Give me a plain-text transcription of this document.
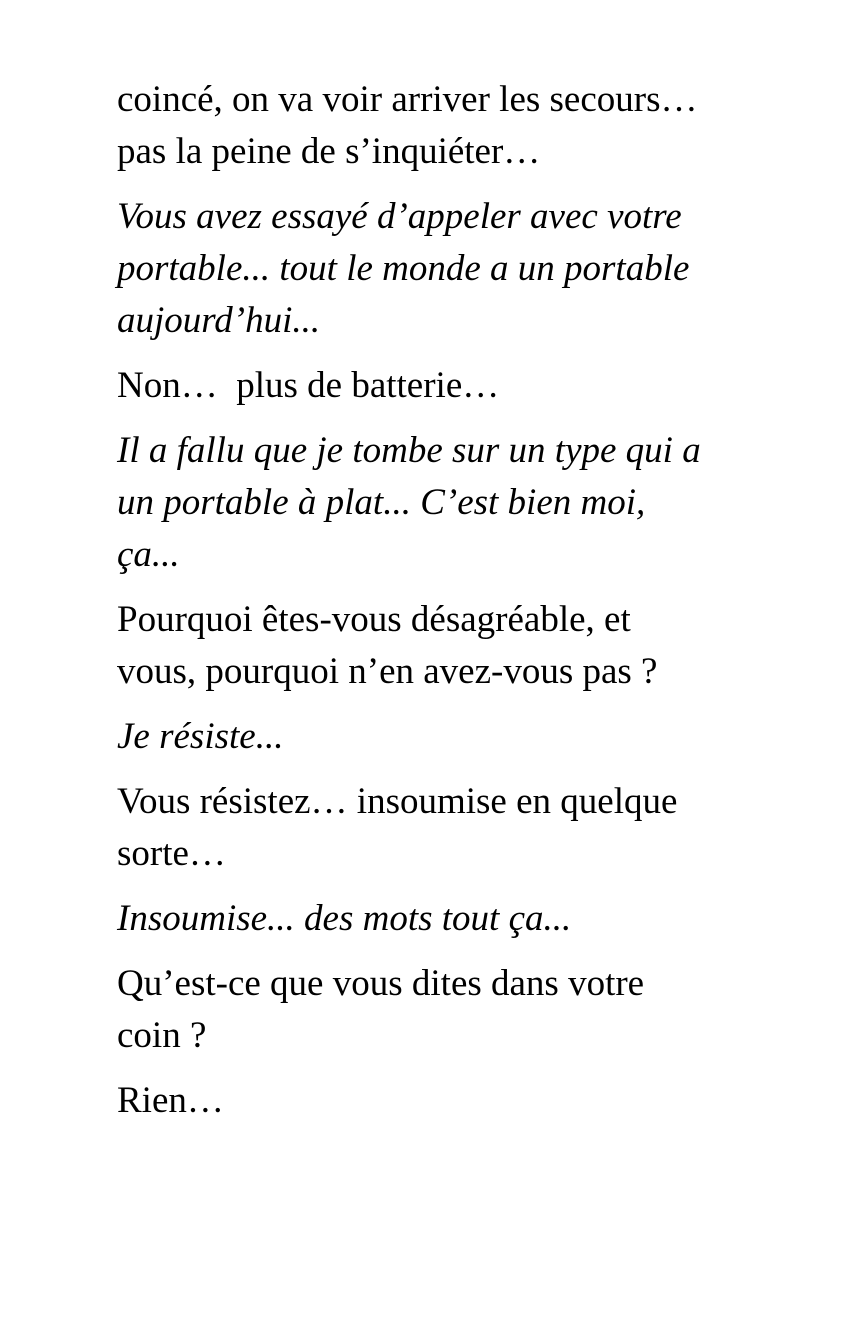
coincé, on va voir arriver les secours…
pas la peine de s’inquiéter…

Vous avez essayé d’appeler avec votre
portable... tout le monde a un portable
aujourd’hui...

Non…  plus de batterie…

Il a fallu que je tombe sur un type qui a
un portable à plat... C’est bien moi,
ça...

Pourquoi êtes-vous désagréable, et
vous, pourquoi n’en avez-vous pas ?

Je résiste...

Vous résistez… insoumise en quelque
sorte…

Insoumise... des mots tout ça...

Qu’est-ce que vous dites dans votre
coin ?

Rien…
